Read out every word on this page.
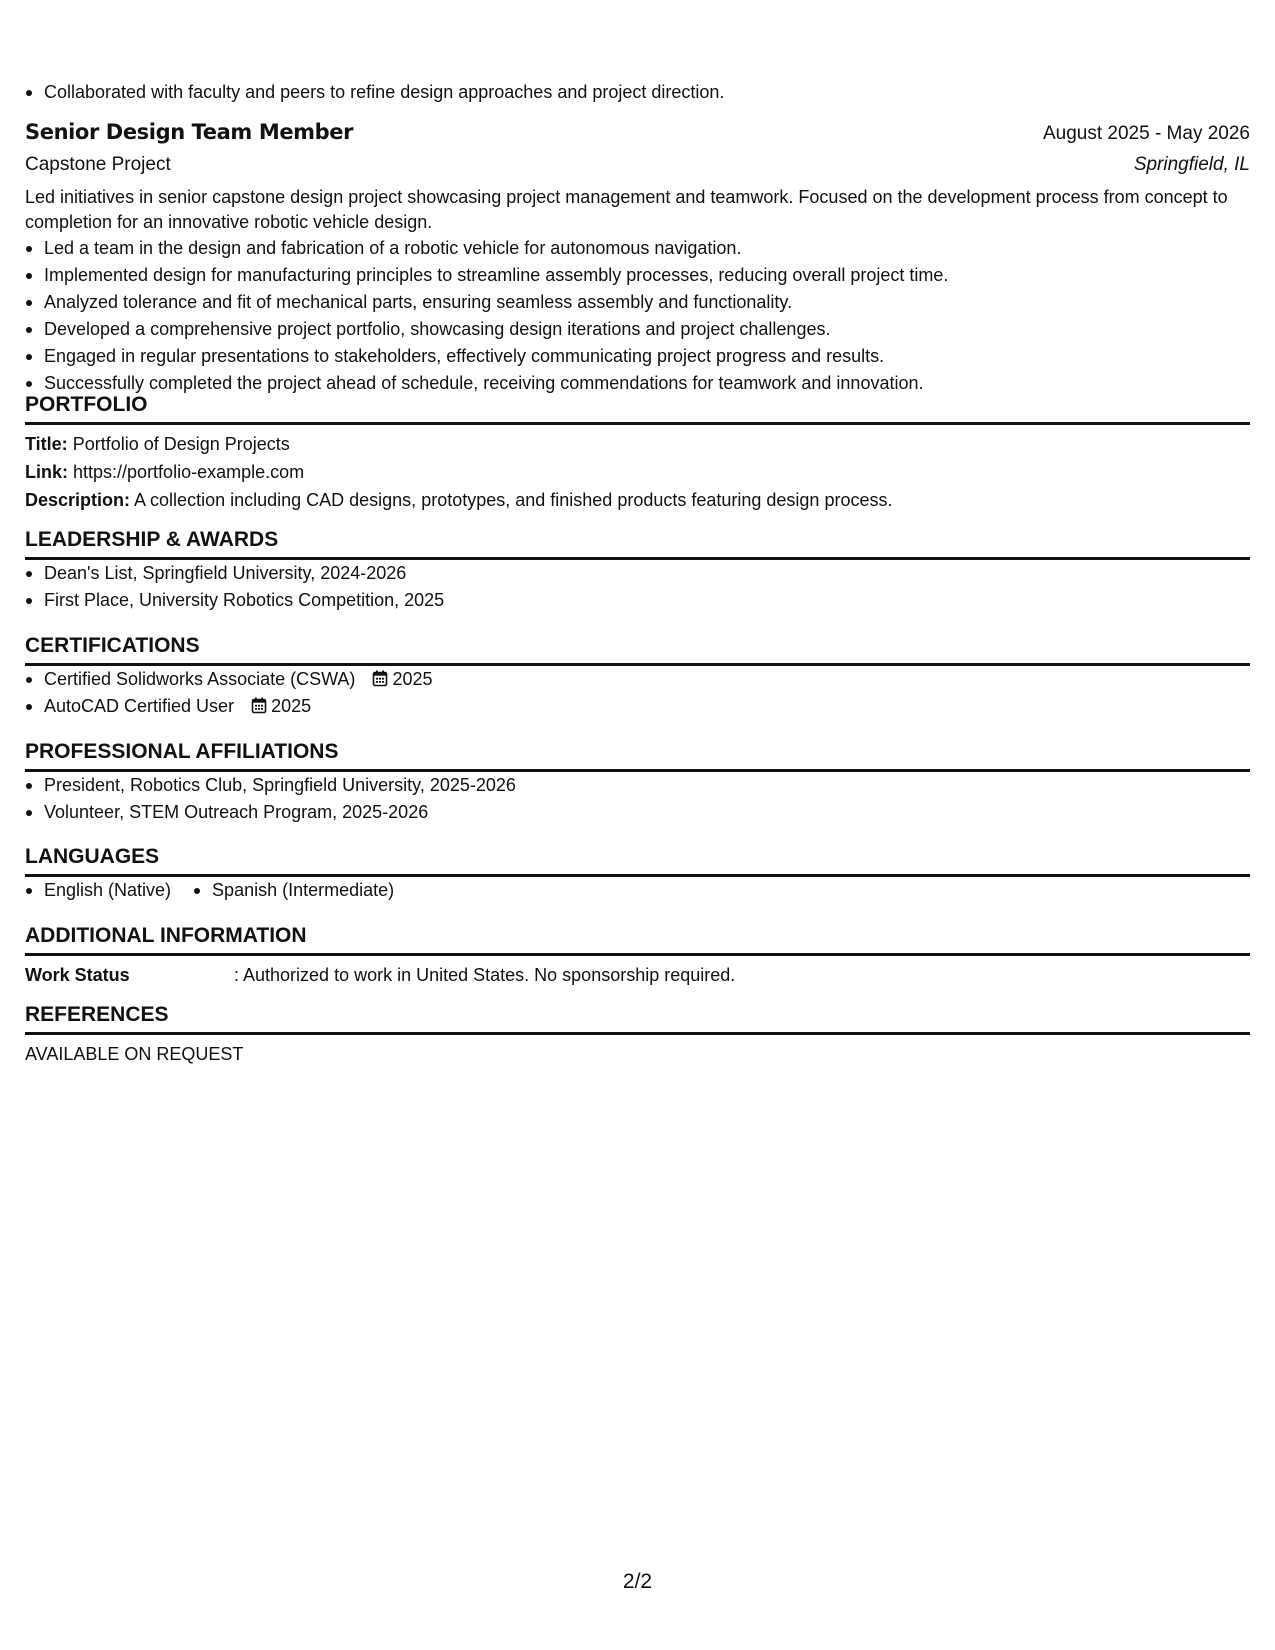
Collaborated with faculty and peers to refine design approaches and project direction.
Senior Design Team Member	August 2025 - May 2026
Capstone Project	Springfield, IL
Led initiatives in senior capstone design project showcasing project management and teamwork. Focused on the development process from concept to completion for an innovative robotic vehicle design.
Led a team in the design and fabrication of a robotic vehicle for autonomous navigation.
Implemented design for manufacturing principles to streamline assembly processes, reducing overall project time.
Analyzed tolerance and fit of mechanical parts, ensuring seamless assembly and functionality.
Developed a comprehensive project portfolio, showcasing design iterations and project challenges.
Engaged in regular presentations to stakeholders, effectively communicating project progress and results.
Successfully completed the project ahead of schedule, receiving commendations for teamwork and innovation.
PORTFOLIO
Title: Portfolio of Design Projects
Link: https://portfolio-example.com
Description: A collection including CAD designs, prototypes, and finished products featuring design process.
LEADERSHIP & AWARDS
Dean's List, Springfield University, 2024-2026
First Place, University Robotics Competition, 2025
CERTIFICATIONS
Certified Solidworks Associate (CSWA) 2025
AutoCAD Certified User 2025
PROFESSIONAL AFFILIATIONS
President, Robotics Club, Springfield University, 2025-2026
Volunteer, STEM Outreach Program, 2025-2026
LANGUAGES
English (Native)	Spanish (Intermediate)
ADDITIONAL INFORMATION
Work Status	: Authorized to work in United States. No sponsorship required.
REFERENCES
AVAILABLE ON REQUEST
2/2
